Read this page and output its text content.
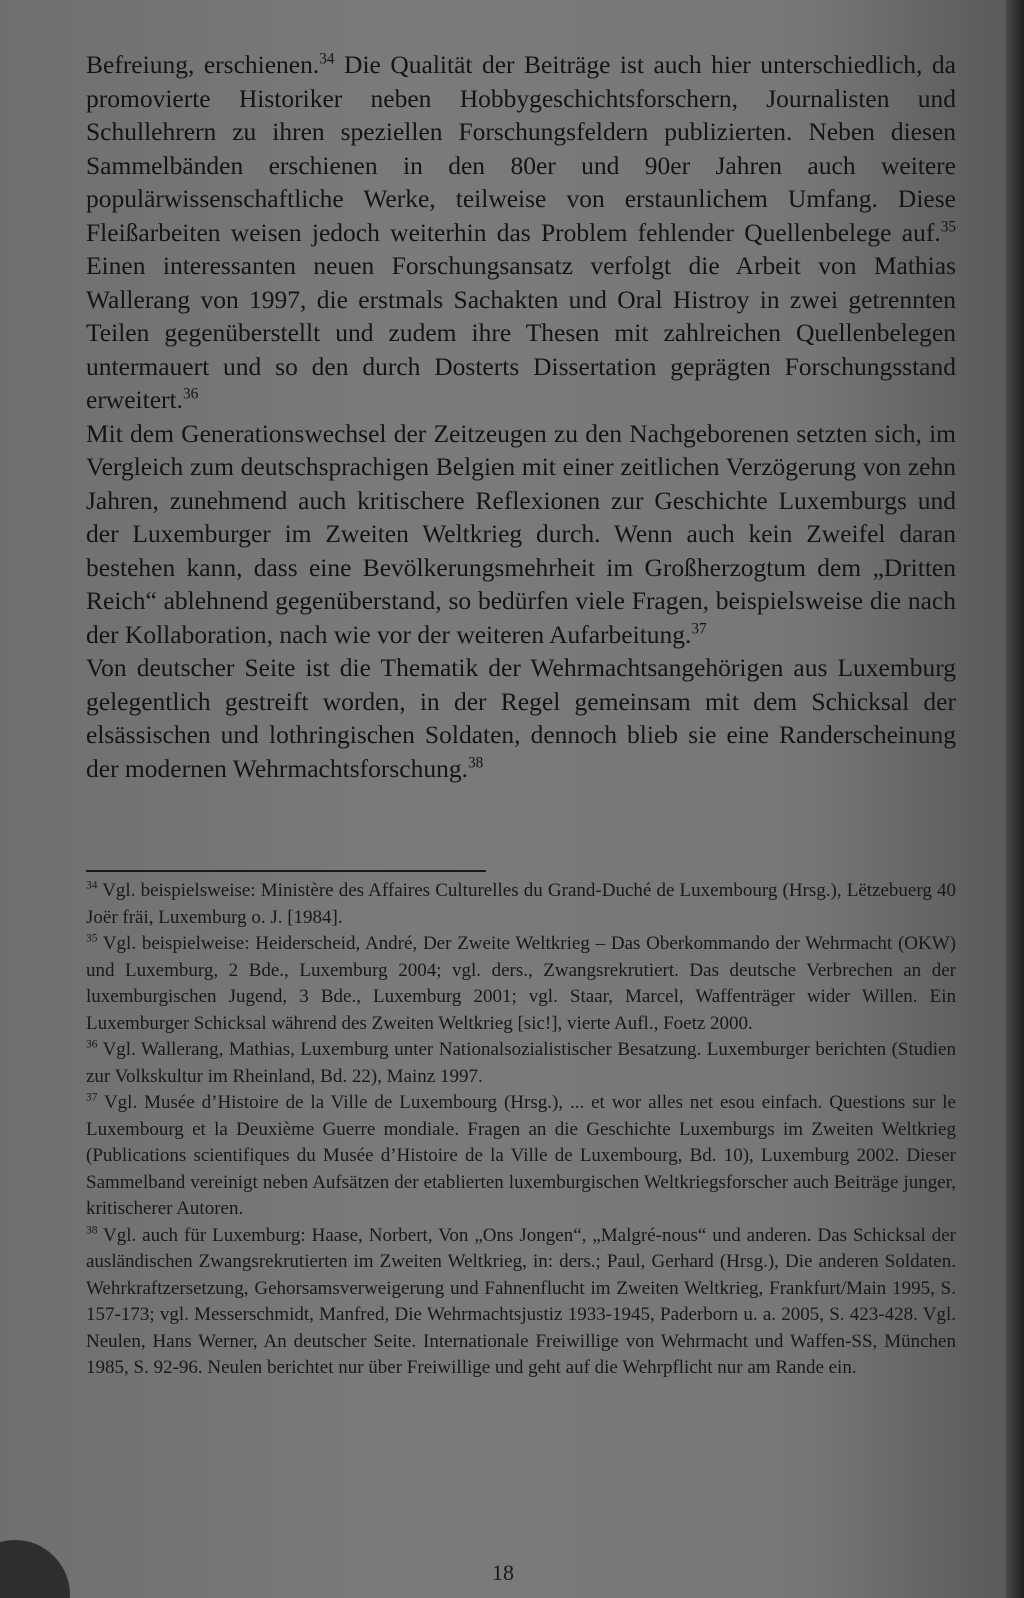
Befreiung, erschienen.$^{34}$ Die Qualität der Beiträge ist auch hier unterschiedlich, da promovierte Historiker neben Hobbygeschichtsforschern, Journalisten und Schullehrern zu ihren speziellen Forschungsfeldern publizierten. Neben diesen Sammelbänden erschienen in den 80er und 90er Jahren auch weitere populärwissenschaftliche Werke, teilweise von erstaunlichem Umfang. Diese Fleißarbeiten weisen jedoch weiterhin das Problem fehlender Quellenbelege auf.$^{35}$ Einen interessanten neuen Forschungsansatz verfolgt die Arbeit von Mathias Wallerang von 1997, die erstmals Sachakten und Oral Histroy in zwei getrennten Teilen gegenüberstellt und zudem ihre Thesen mit zahlreichen Quellenbelegen untermauert und so den durch Dosterts Dissertation geprägten Forschungsstand erweitert.$^{36}$

Mit dem Generationswechsel der Zeitzeugen zu den Nachgeborenen setzten sich, im Vergleich zum deutschsprachigen Belgien mit einer zeitlichen Verzögerung von zehn Jahren, zunehmend auch kritischere Reflexionen zur Geschichte Luxemburgs und der Luxemburger im Zweiten Weltkrieg durch. Wenn auch kein Zweifel daran bestehen kann, dass eine Bevölkerungsmehrheit im Großherzogtum dem „Dritten Reich“ ablehnend gegenüberstand, so bedürfen viele Fragen, beispielsweise die nach der Kollaboration, nach wie vor der weiteren Aufarbeitung.$^{37}$

Von deutscher Seite ist die Thematik der Wehrmachtsangehörigen aus Luxemburg gelegentlich gestreift worden, in der Regel gemeinsam mit dem Schicksal der elsässischen und lothringischen Soldaten, dennoch blieb sie eine Randerscheinung der modernen Wehrmachtsforschung.$^{38}$

$^{34}$ Vgl. beispielsweise: Ministère des Affaires Culturelles du Grand-Duché de Luxembourg (Hrsg.), Lëtzebuerg 40 Joër fräi, Luxemburg o. J. [1984].

$^{35}$ Vgl. beispielweise: Heiderscheid, André, Der Zweite Weltkrieg – Das Oberkommando der Wehrmacht (OKW) und Luxemburg, 2 Bde., Luxemburg 2004; vgl. ders., Zwangsrekrutiert. Das deutsche Verbrechen an der luxemburgischen Jugend, 3 Bde., Luxemburg 2001; vgl. Staar, Marcel, Waffenträger wider Willen. Ein Luxemburger Schicksal während des Zweiten Weltkrieg [sic!], vierte Aufl., Foetz 2000.

$^{36}$ Vgl. Wallerang, Mathias, Luxemburg unter Nationalsozialistischer Besatzung. Luxemburger berichten (Studien zur Volkskultur im Rheinland, Bd. 22), Mainz 1997.

$^{37}$ Vgl. Musée d’Histoire de la Ville de Luxembourg (Hrsg.), ... et wor alles net esou einfach. Questions sur le Luxembourg et la Deuxième Guerre mondiale. Fragen an die Geschichte Luxemburgs im Zweiten Weltkrieg (Publications scientifiques du Musée d’Histoire de la Ville de Luxembourg, Bd. 10), Luxemburg 2002. Dieser Sammelband vereinigt neben Aufsätzen der etablierten luxemburgischen Weltkriegsforscher auch Beiträge junger, kritischerer Autoren.

$^{38}$ Vgl. auch für Luxemburg: Haase, Norbert, Von „Ons Jongen“, „Malgré-nous“ und anderen. Das Schicksal der ausländischen Zwangsrekrutierten im Zweiten Weltkrieg, in: ders.; Paul, Gerhard (Hrsg.), Die anderen Soldaten. Wehrkraftzersetzung, Gehorsamsverweigerung und Fahnenflucht im Zweiten Weltkrieg, Frankfurt/Main 1995, S. 157-173; vgl. Messerschmidt, Manfred, Die Wehrmachtsjustiz 1933-1945, Paderborn u. a. 2005, S. 423-428. Vgl. Neulen, Hans Werner, An deutscher Seite. Internationale Freiwillige von Wehrmacht und Waffen-SS, München 1985, S. 92-96. Neulen berichtet nur über Freiwillige und geht auf die Wehrpflicht nur am Rande ein.

18
